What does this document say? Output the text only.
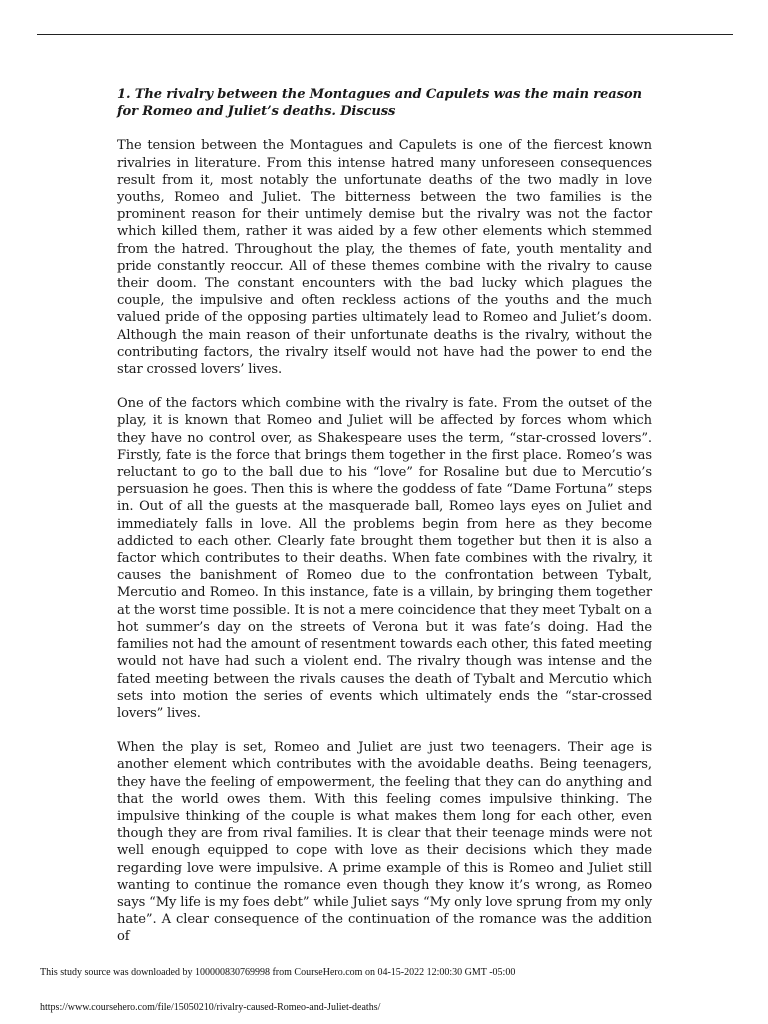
1. The rivalry between the Montagues and Capulets was the main reason for Romeo and Juliet’s deaths. Discuss

The tension between the Montagues and Capulets is one of the fiercest known rivalries in literature. From this intense hatred many unforeseen consequences result from it, most notably the unfortunate deaths of the two madly in love youths, Romeo and Juliet. The bitterness between the two families is the prominent reason for their untimely demise but the rivalry was not the factor which killed them, rather it was aided by a few other elements which stemmed from the hatred. Throughout the play, the themes of fate, youth mentality and pride constantly reoccur. All of these themes combine with the rivalry to cause their doom. The constant encounters with the bad lucky which plagues the couple, the impulsive and often reckless actions of the youths and the much valued pride of the opposing parties ultimately lead to Romeo and Juliet’s doom. Although the main reason of their unfortunate deaths is the rivalry, without the contributing factors, the rivalry itself would not have had the power to end the star crossed lovers’ lives.

One of the factors which combine with the rivalry is fate. From the outset of the play, it is known that Romeo and Juliet will be affected by forces whom which they have no control over, as Shakespeare uses the term, “star-crossed lovers”. Firstly, fate is the force that brings them together in the first place. Romeo’s was reluctant to go to the ball due to his “love” for Rosaline but due to Mercutio’s persuasion he goes. Then this is where the goddess of fate “Dame Fortuna” steps in. Out of all the guests at the masquerade ball, Romeo lays eyes on Juliet and immediately falls in love. All the problems begin from here as they become addicted to each other. Clearly fate brought them together but then it is also a factor which contributes to their deaths. When fate combines with the rivalry, it causes the banishment of Romeo due to the confrontation between Tybalt, Mercutio and Romeo. In this instance, fate is a villain, by bringing them together at the worst time possible. It is not a mere coincidence that they meet Tybalt on a hot summer’s day on the streets of Verona but it was fate’s doing. Had the families not had the amount of resentment towards each other, this fated meeting would not have had such a violent end. The rivalry though was intense and the fated meeting between the rivals causes the death of Tybalt and Mercutio which sets into motion the series of events which ultimately ends the “star-crossed lovers” lives.

When the play is set, Romeo and Juliet are just two teenagers. Their age is another element which contributes with the avoidable deaths. Being teenagers, they have the feeling of empowerment, the feeling that they can do anything and that the world owes them. With this feeling comes impulsive thinking. The impulsive thinking of the couple is what makes them long for each other, even though they are from rival families. It is clear that their teenage minds were not well enough equipped to cope with love as their decisions which they made regarding love were impulsive. A prime example of this is Romeo and Juliet still wanting to continue the romance even though they know it’s wrong, as Romeo says “My life is my foes debt” while Juliet says “My only love sprung from my only hate”. A clear consequence of the continuation of the romance was the addition of

This study source was downloaded by 100000830769998 from CourseHero.com on 04-15-2022 12:00:30 GMT -05:00
https://www.coursehero.com/file/15050210/rivalry-caused-Romeo-and-Juliet-deaths/
